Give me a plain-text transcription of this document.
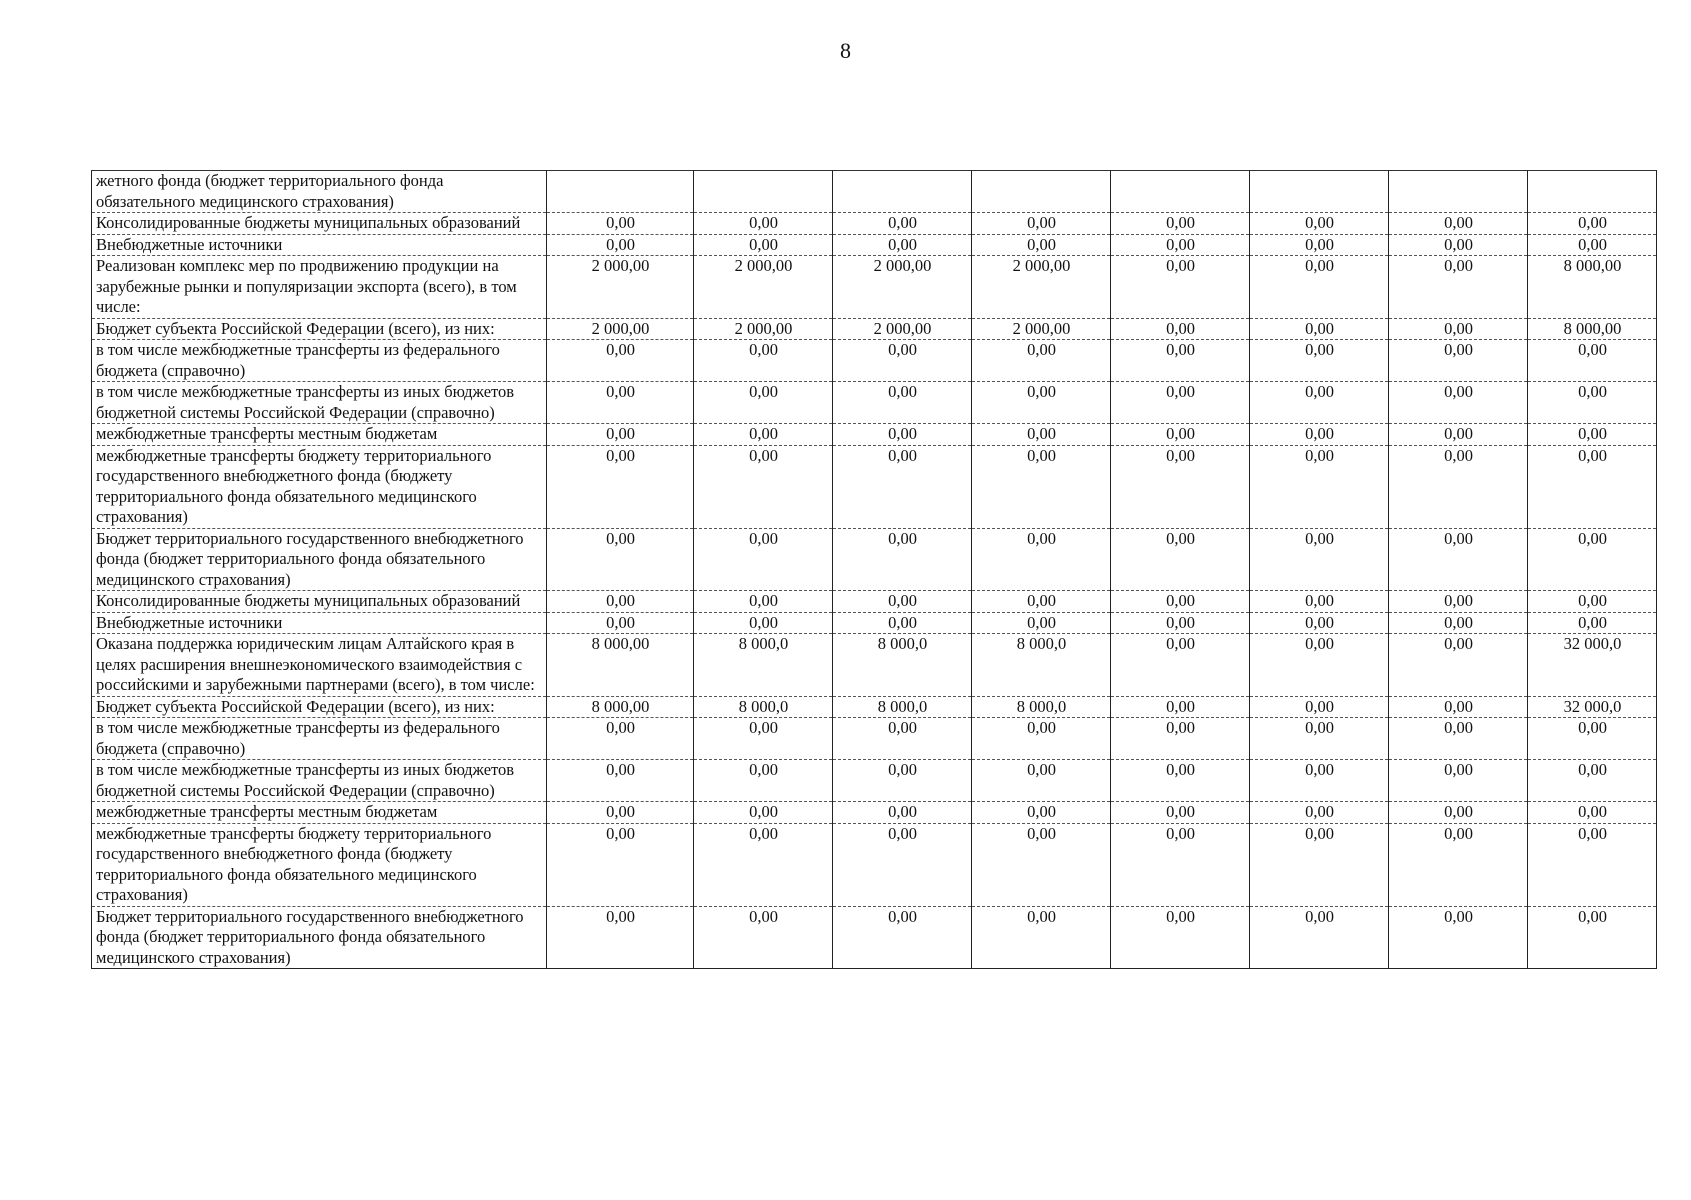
8
жетного фонда (бюджет территориального фонда обязательного медицинского страхования)								
Консолидированные бюджеты муниципальных образований	0,00	0,00	0,00	0,00	0,00	0,00	0,00	0,00
Внебюджетные источники	0,00	0,00	0,00	0,00	0,00	0,00	0,00	0,00
Реализован комплекс мер по продвижению продукции на зарубежные рынки и популяризации экспорта (всего), в том числе:	2 000,00	2 000,00	2 000,00	2 000,00	0,00	0,00	0,00	8 000,00
Бюджет субъекта Российской Федерации (всего), из них:	2 000,00	2 000,00	2 000,00	2 000,00	0,00	0,00	0,00	8 000,00
в том числе межбюджетные трансферты из федерального бюджета (справочно)	0,00	0,00	0,00	0,00	0,00	0,00	0,00	0,00
в том числе межбюджетные трансферты из иных бюджетов бюджетной системы Российской Федерации (справочно)	0,00	0,00	0,00	0,00	0,00	0,00	0,00	0,00
межбюджетные трансферты местным бюджетам	0,00	0,00	0,00	0,00	0,00	0,00	0,00	0,00
межбюджетные трансферты бюджету территориального государственного внебюджетного фонда (бюджету территориального фонда обязательного медицинского страхования)	0,00	0,00	0,00	0,00	0,00	0,00	0,00	0,00
Бюджет территориального государственного внебюджетного фонда (бюджет территориального фонда обязательного медицинского страхования)	0,00	0,00	0,00	0,00	0,00	0,00	0,00	0,00
Консолидированные бюджеты муниципальных образований	0,00	0,00	0,00	0,00	0,00	0,00	0,00	0,00
Внебюджетные источники	0,00	0,00	0,00	0,00	0,00	0,00	0,00	0,00
Оказана поддержка юридическим лицам Алтайского края в целях расширения внешнеэкономического взаимодействия с российскими и зарубежными партнерами (всего), в том числе:	8 000,00	8 000,0	8 000,0	8 000,0	0,00	0,00	0,00	32 000,0
Бюджет субъекта Российской Федерации (всего), из них:	8 000,00	8 000,0	8 000,0	8 000,0	0,00	0,00	0,00	32 000,0
в том числе межбюджетные трансферты из федерального бюджета (справочно)	0,00	0,00	0,00	0,00	0,00	0,00	0,00	0,00
в том числе межбюджетные трансферты из иных бюджетов бюджетной системы Российской Федерации (справочно)	0,00	0,00	0,00	0,00	0,00	0,00	0,00	0,00
межбюджетные трансферты местным бюджетам	0,00	0,00	0,00	0,00	0,00	0,00	0,00	0,00
межбюджетные трансферты бюджету территориального государственного внебюджетного фонда (бюджету территориального фонда обязательного медицинского страхования)	0,00	0,00	0,00	0,00	0,00	0,00	0,00	0,00
Бюджет территориального государственного внебюджетного фонда (бюджет территориального фонда обязательного медицинского страхования)	0,00	0,00	0,00	0,00	0,00	0,00	0,00	0,00
